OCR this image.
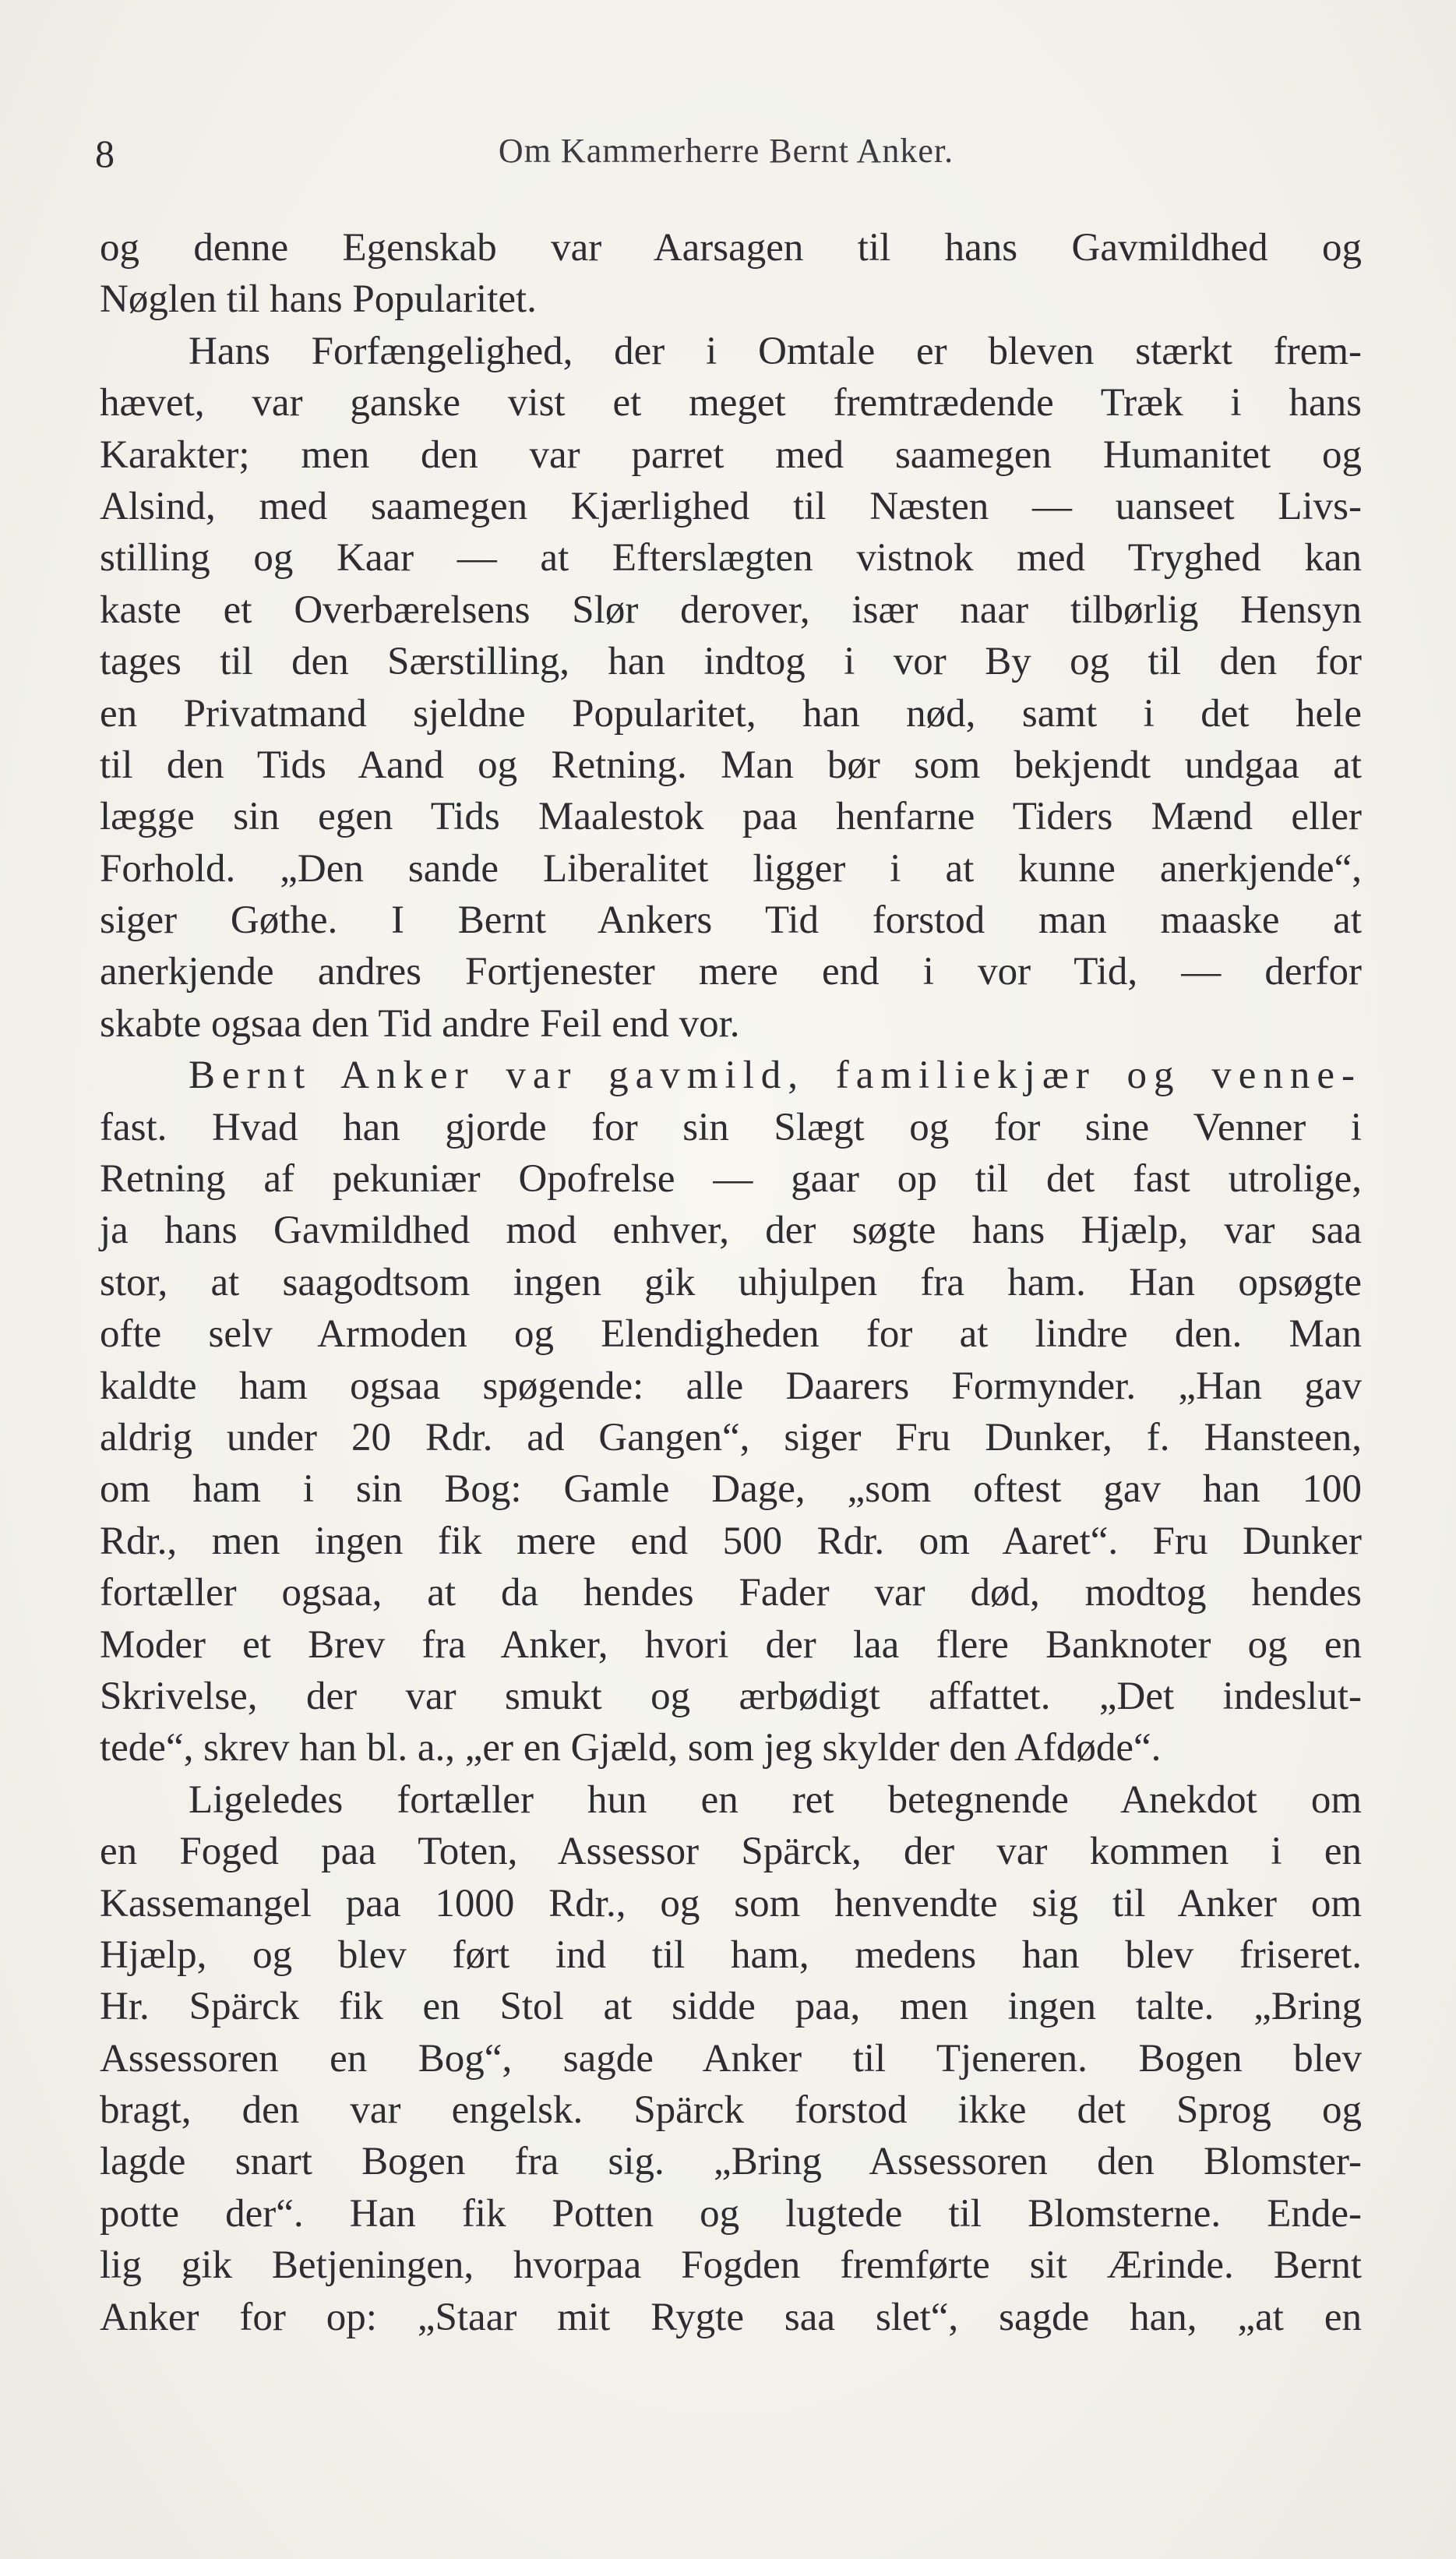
8	Om Kammerherre Bernt Anker.
og denne Egenskab var Aarsagen til hans Gavmildhed og
Nøglen til hans Popularitet.
Hans Forfængelighed, der i Omtale er bleven stærkt frem-
hævet, var ganske vist et meget fremtrædende Træk i hans
Karakter; men den var parret med saamegen Humanitet og
Alsind, med saamegen Kjærlighed til Næsten — uanseet Livs-
stilling og Kaar — at Efterslægten vistnok med Tryghed kan
kaste et Overbærelsens Slør derover, især naar tilbørlig Hensyn
tages til den Særstilling, han indtog i vor By og til den for
en Privatmand sjeldne Popularitet, han nød, samt i det hele
til den Tids Aand og Retning. Man bør som bekjendt undgaa at
lægge sin egen Tids Maalestok paa henfarne Tiders Mænd eller
Forhold. „Den sande Liberalitet ligger i at kunne anerkjende“,
siger Gøthe. I Bernt Ankers Tid forstod man maaske at
anerkjende andres Fortjenester mere end i vor Tid, — derfor
skabte ogsaa den Tid andre Feil end vor.
Bernt Anker var gavmild, familiekjær og venne-
fast. Hvad han gjorde for sin Slægt og for sine Venner i
Retning af pekuniær Opofrelse — gaar op til det fast utrolige,
ja hans Gavmildhed mod enhver, der søgte hans Hjælp, var saa
stor, at saagodtsom ingen gik uhjulpen fra ham. Han opsøgte
ofte selv Armoden og Elendigheden for at lindre den. Man
kaldte ham ogsaa spøgende: alle Daarers Formynder. „Han gav
aldrig under 20 Rdr. ad Gangen“, siger Fru Dunker, f. Hansteen,
om ham i sin Bog: Gamle Dage, „som oftest gav han 100
Rdr., men ingen fik mere end 500 Rdr. om Aaret“. Fru Dunker
fortæller ogsaa, at da hendes Fader var død, modtog hendes
Moder et Brev fra Anker, hvori der laa flere Banknoter og en
Skrivelse, der var smukt og ærbødigt affattet. „Det indeslut-
tede“, skrev han bl. a., „er en Gjæld, som jeg skylder den Afdøde“.
Ligeledes fortæller hun en ret betegnende Anekdot om
en Foged paa Toten, Assessor Spärck, der var kommen i en
Kassemangel paa 1000 Rdr., og som henvendte sig til Anker om
Hjælp, og blev ført ind til ham, medens han blev friseret.
Hr. Spärck fik en Stol at sidde paa, men ingen talte. „Bring
Assessoren en Bog“, sagde Anker til Tjeneren. Bogen blev
bragt, den var engelsk. Spärck forstod ikke det Sprog og
lagde snart Bogen fra sig. „Bring Assessoren den Blomster-
potte der“. Han fik Potten og lugtede til Blomsterne. Ende-
lig gik Betjeningen, hvorpaa Fogden fremførte sit Ærinde. Bernt
Anker for op: „Staar mit Rygte saa slet“, sagde han, „at en
